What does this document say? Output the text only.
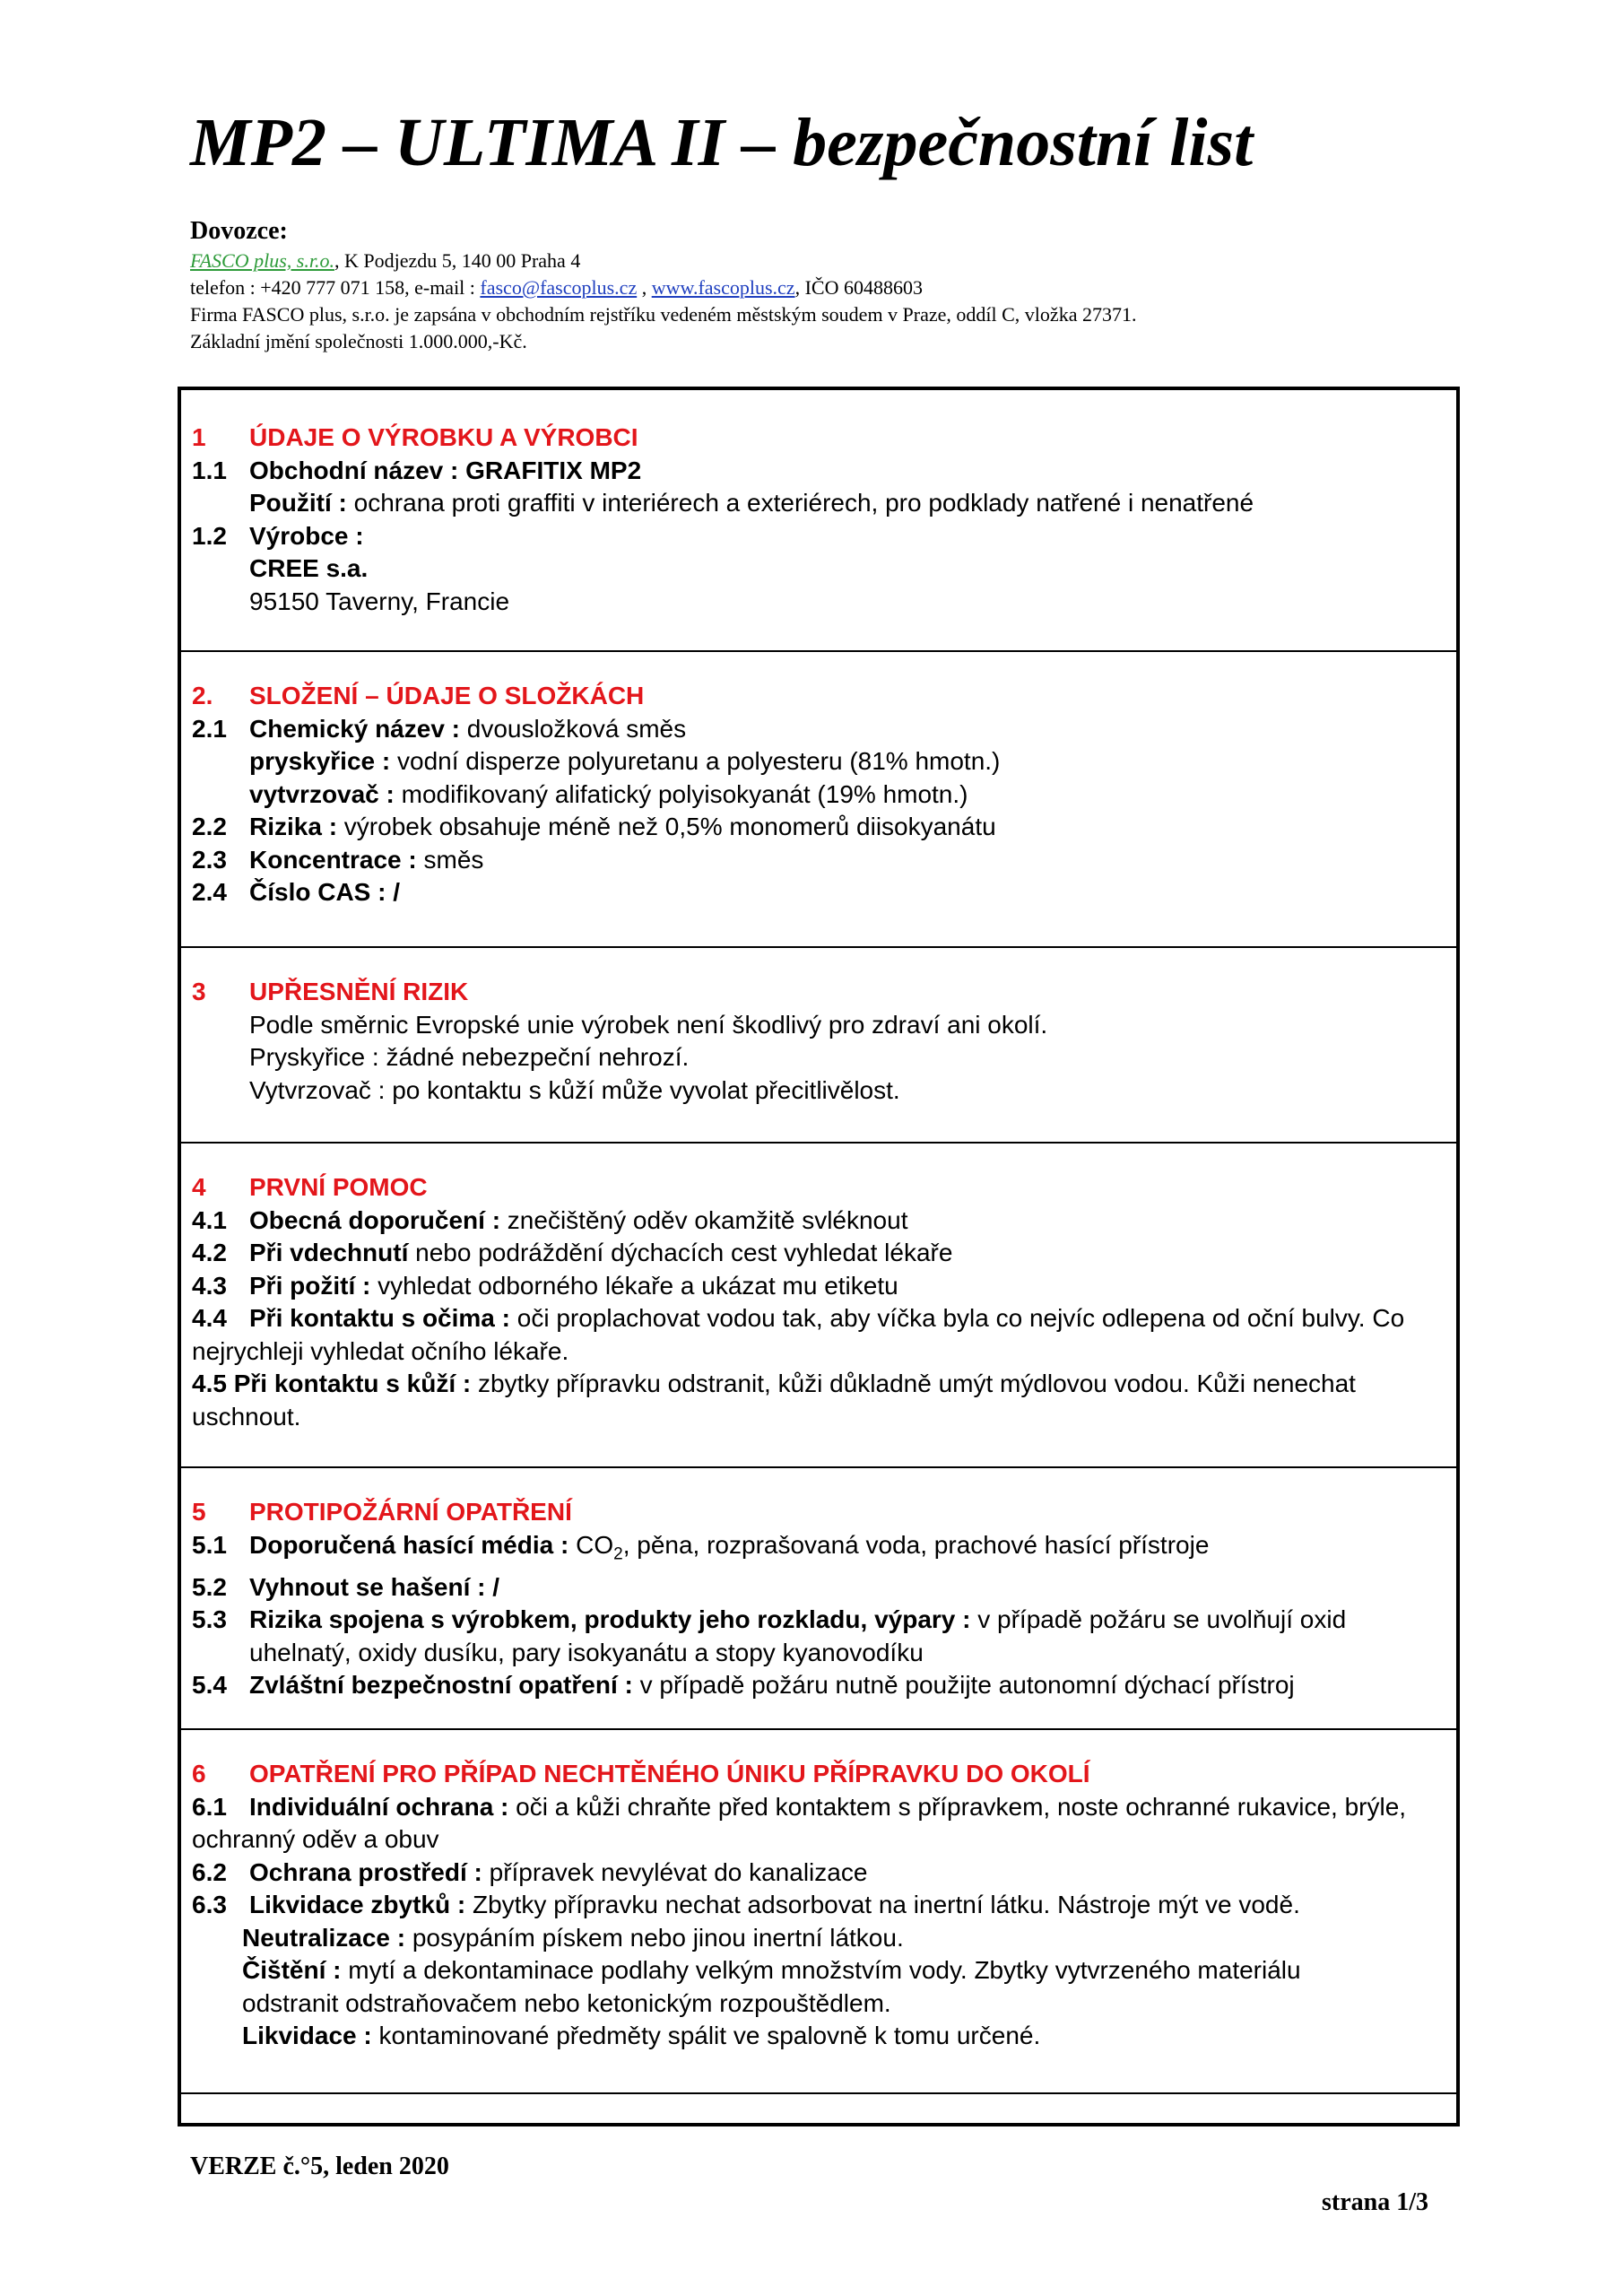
MP2 – ULTIMA II – bezpečnostní list
Dovozce:
FASCO plus, s.r.o., K Podjezdu 5, 140 00 Praha 4
telefon : +420 777 071 158, e-mail : fasco@fascoplus.cz , www.fascoplus.cz, IČO 60488603
Firma FASCO plus, s.r.o. je zapsána v obchodním rejstříku vedeném městským soudem v Praze, oddíl C, vložka 27371.
Základní jmění společnosti 1.000.000,-Kč.
1 ÚDAJE O VÝROBKU A VÝROBCI
1.1 Obchodní název : GRAFITIX MP2
Použití : ochrana proti graffiti v interiérech a exteriérech, pro podklady natřené i nenatřené
1.2 Výrobce :
CREE s.a.
95150 Taverny, Francie
2. SLOŽENÍ – ÚDAJE O SLOŽKÁCH
2.1 Chemický název : dvousložková směs
pryskyřice : vodní disperze polyuretanu a polyesteru (81% hmotn.)
vytvrzovač : modifikovaný alifatický polyisokyanát (19% hmotn.)
2.2 Rizika : výrobek obsahuje méně než 0,5% monomerů diisokyanátu
2.3 Koncentrace : směs
2.4 Číslo CAS : /
3 UPŘESNĚNÍ RIZIK
Podle směrnic Evropské unie výrobek není škodlivý pro zdraví ani okolí.
Pryskyřice : žádné nebezpeční nehrozí.
Vytvrzovač : po kontaktu s kůží může vyvolat přecitlivělost.
4 PRVNÍ POMOC
4.1 Obecná doporučení : znečištěný oděv okamžitě svléknout
4.2 Při vdechnutí nebo podráždění dýchacích cest vyhledat lékaře
4.3 Při požití : vyhledat odborného lékaře a ukázat mu etiketu
4.4 Při kontaktu s očima : oči proplachovat vodou tak, aby víčka byla co nejvíc odlepena od oční bulvy. Co nejrychleji vyhledat očního lékaře.
4.5 Při kontaktu s kůží : zbytky přípravku odstranit, kůži důkladně umýt mýdlovou vodou. Kůži nenechat uschnout.
5 PROTIPOŽÁRNÍ OPATŘENÍ
5.1 Doporučená hasící média : $CO_2$, pěna, rozprašovaná voda, prachové hasící přístroje
5.2 Vyhnout se hašení : /
5.3 Rizika spojena s výrobkem, produkty jeho rozkladu, výpary : v případě požáru se uvolňují oxid
uhelnatý, oxidy dusíku, pary isokyanátu a stopy kyanovodíku
5.4 Zvláštní bezpečnostní opatření : v případě požáru nutně použijte autonomní dýchací přístroj
6 OPATŘENÍ PRO PŘÍPAD NECHTĚNÉHO ÚNIKU PŘÍPRAVKU DO OKOLÍ
6.1 Individuální ochrana : oči a kůži chraňte před kontaktem s přípravkem, noste ochranné rukavice, brýle, ochranný oděv a obuv
6.2 Ochrana prostředí : přípravek nevylévat do kanalizace
6.3 Likvidace zbytků : Zbytky přípravku nechat adsorbovat na inertní látku. Nástroje mýt ve vodě.
Neutralizace : posypáním pískem nebo jinou inertní látkou.
Čištění : mytí a dekontaminace podlahy velkým množstvím vody. Zbytky vytvrzeného materiálu
odstranit odstraňovačem nebo ketonickým rozpouštědlem.
Likvidace : kontaminované předměty spálit ve spalovně k tomu určené.
VERZE č.°5, leden 2020
strana 1/3
